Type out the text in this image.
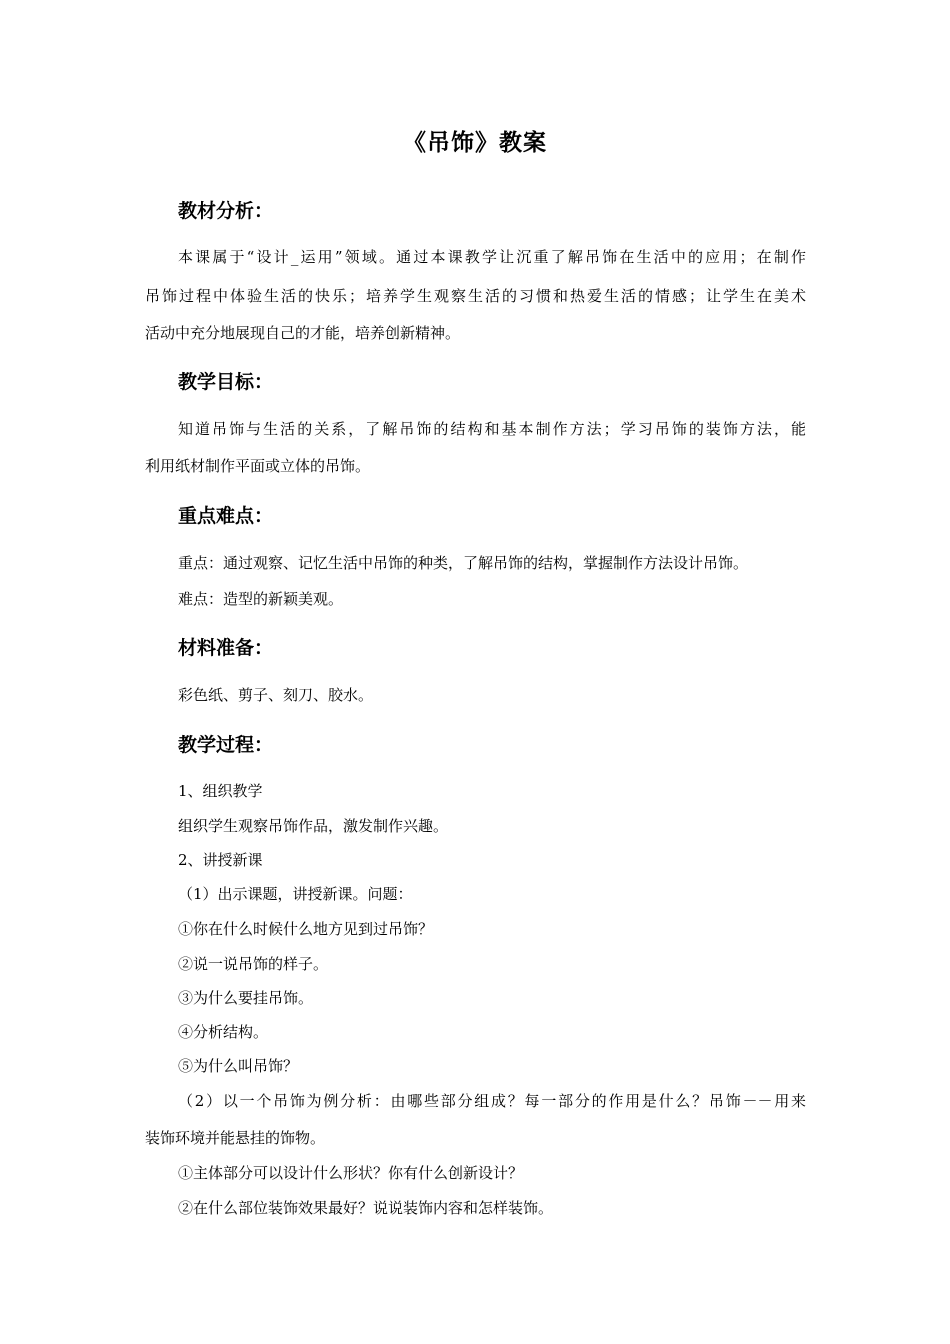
《吊饰》教案
教材分析：
本课属于“设计_运用”领域。通过本课教学让沉重了解吊饰在生活中的应用；在制作
吊饰过程中体验生活的快乐；培养学生观察生活的习惯和热爱生活的情感；让学生在美术
活动中充分地展现自己的才能，培养创新精神。
教学目标：
知道吊饰与生活的关系，了解吊饰的结构和基本制作方法；学习吊饰的装饰方法，能
利用纸材制作平面或立体的吊饰。
重点难点：
重点：通过观察、记忆生活中吊饰的种类，了解吊饰的结构，掌握制作方法设计吊饰。
难点：造型的新颖美观。
材料准备：
彩色纸、剪子、刻刀、胶水。
教学过程：
1、组织教学
组织学生观察吊饰作品，激发制作兴趣。
2、讲授新课
（1）出示课题，讲授新课。问题：
①你在什么时候什么地方见到过吊饰？
②说一说吊饰的样子。
③为什么要挂吊饰。
④分析结构。
⑤为什么叫吊饰？
（2）以一个吊饰为例分析：由哪些部分组成？每一部分的作用是什么？吊饰－－用来
装饰环境并能悬挂的饰物。
①主体部分可以设计什么形状？你有什么创新设计？
②在什么部位装饰效果最好？说说装饰内容和怎样装饰。
